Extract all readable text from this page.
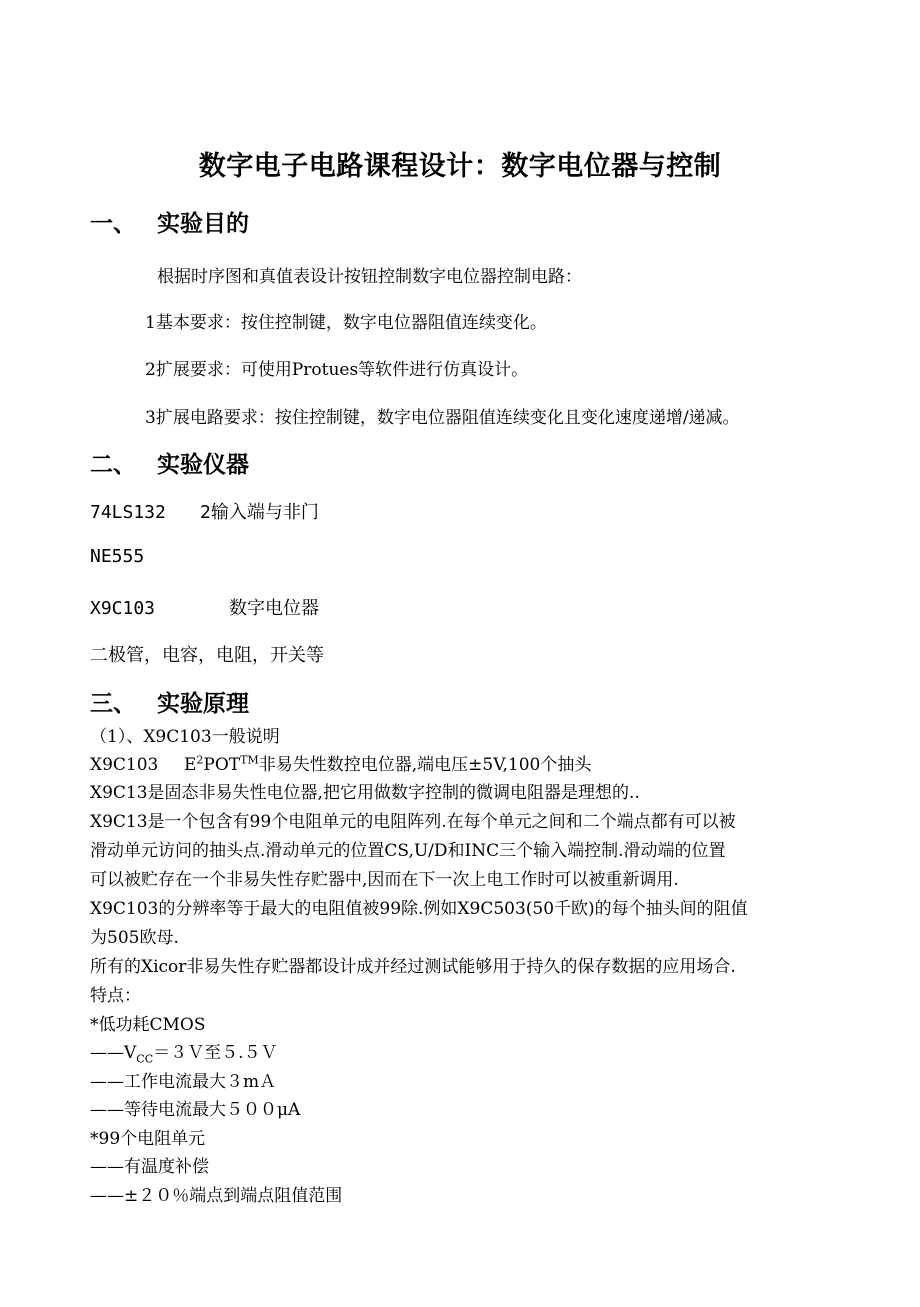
数字电子电路课程设计：数字电位器与控制
一、 实验目的

根据时序图和真值表设计按钮控制数字电位器控制电路：

1基本要求：按住控制键，数字电位器阻值连续变化。

2扩展要求：可使用Protues等软件进行仿真设计。

3扩展电路要求：按住控制键，数字电位器阻值连续变化且变化速度递增/递减。

二、 实验仪器

74LS132 2输入端与非门

NE555

X9C103	数字电位器

二极管，电容，电阻，开关等

三、 实验原理

（1）、X9C103一般说明

X9C103 $E^2POT™$非易失性数控电位器,端电压±5V,100个抽头

X9C13是固态非易失性电位器,把它用做数字控制的微调电阻器是理想的..

X9C13是一个包含有99个电阻单元的电阻阵列.在每个单元之间和二个端点都有可以被

滑动单元访问的抽头点.滑动单元的位置CS,U/D和INC三个输入端控制.滑动端的位置

可以被贮存在一个非易失性存贮器中,因而在下一次上电工作时可以被重新调用.

X9C103的分辨率等于最大的电阻值被99除.例如X9C503(50千欧)的每个抽头间的阻值

为505欧母.

所有的Xicor非易失性存贮器都设计成并经过测试能够用于持久的保存数据的应用场合.

特点：

*低功耗CMOS

$——V_{CC}=3V$至５.５Ｖ

——工作电流最大３mＡ

——等待电流最大５００μA

*99个电阻单元

——有温度补偿

——±２０％端点到端点阻值范围
